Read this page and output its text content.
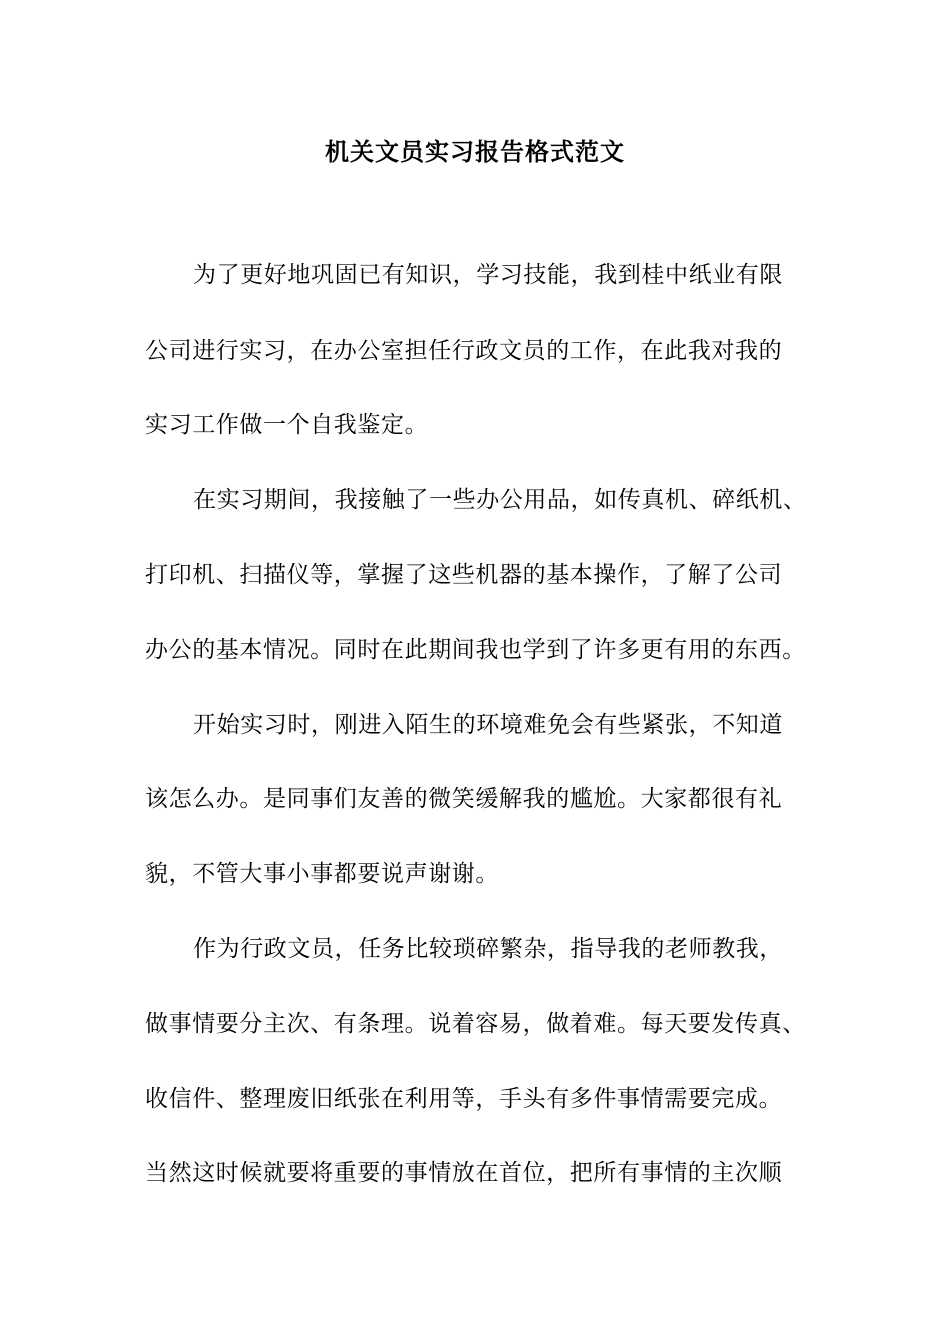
机关文员实习报告格式范文
为了更好地巩固已有知识，学习技能，我到桂中纸业有限
公司进行实习，在办公室担任行政文员的工作，在此我对我的
实习工作做一个自我鉴定。
在实习期间，我接触了一些办公用品，如传真机、碎纸机、
打印机、扫描仪等，掌握了这些机器的基本操作，了解了公司
办公的基本情况。同时在此期间我也学到了许多更有用的东西。
开始实习时，刚进入陌生的环境难免会有些紧张，不知道
该怎么办。是同事们友善的微笑缓解我的尴尬。大家都很有礼
貌，不管大事小事都要说声谢谢。
作为行政文员，任务比较琐碎繁杂，指导我的老师教我，
做事情要分主次、有条理。说着容易，做着难。每天要发传真、
收信件、整理废旧纸张在利用等，手头有多件事情需要完成。
当然这时候就要将重要的事情放在首位，把所有事情的主次顺
